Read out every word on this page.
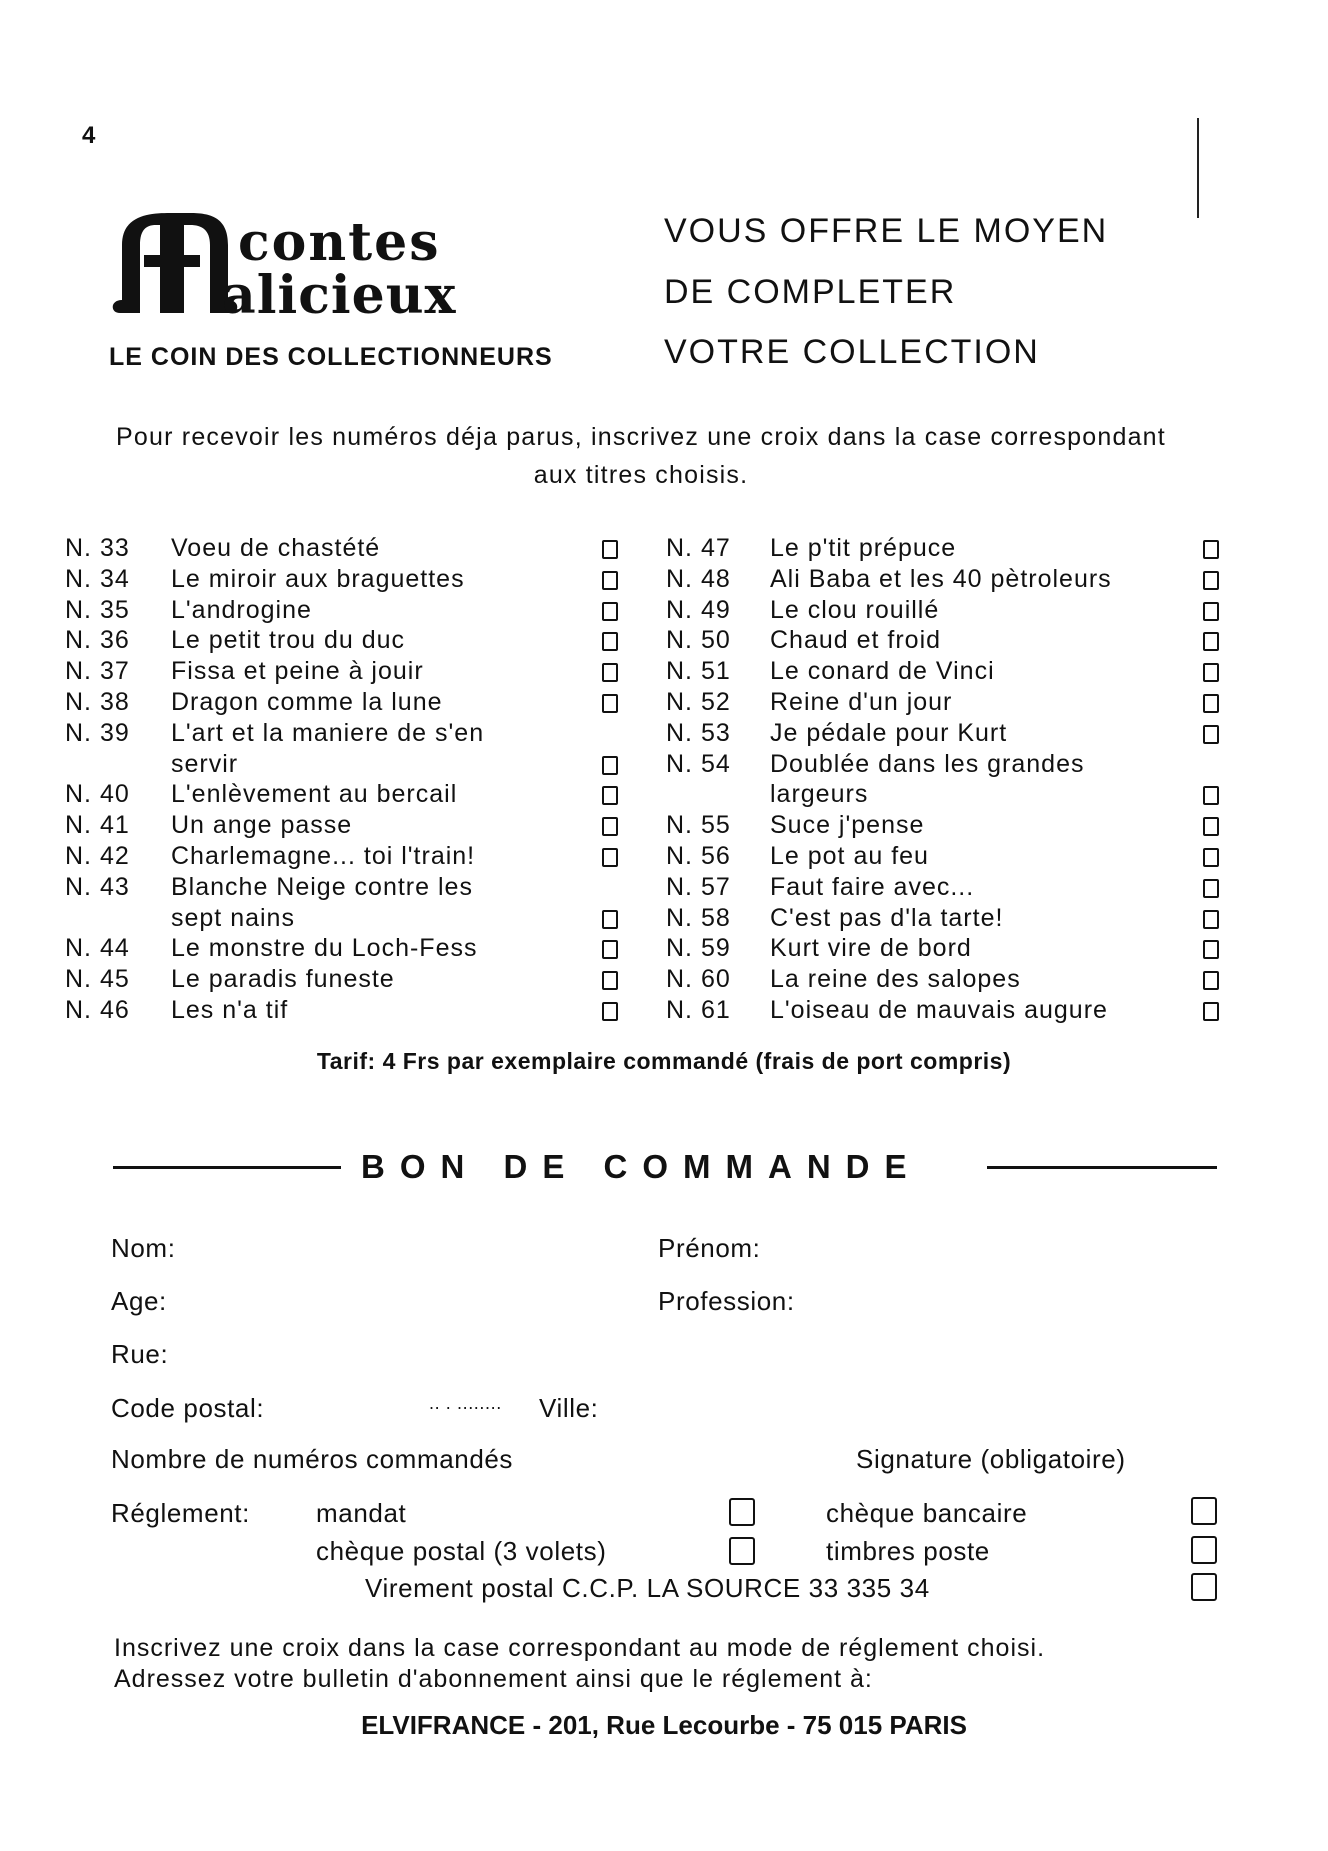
4
contes
alicieux
LE COIN DES COLLECTIONNEURS
VOUS OFFRE LE MOYEN
DE COMPLETER
VOTRE COLLECTION
Pour recevoir les numéros déja parus, inscrivez une croix dans la case correspondant aux titres choisis.
N. 33 Voeu de chastété
N. 34 Le miroir aux braguettes
N. 35 L'androgine
N. 36 Le petit trou du duc
N. 37 Fissa et peine à jouir
N. 38 Dragon comme la lune
N. 39 L'art et la maniere de s'en
servir
N. 40 L'enlèvement au bercail
N. 41 Un ange passe
N. 42 Charlemagne... toi l'train!
N. 43 Blanche Neige contre les
sept nains
N. 44 Le monstre du Loch-Fess
N. 45 Le paradis funeste
N. 46 Les n'a tif
N. 47 Le p'tit prépuce
N. 48 Ali Baba et les 40 pètroleurs
N. 49 Le clou rouillé
N. 50 Chaud et froid
N. 51 Le conard de Vinci
N. 52 Reine d'un jour
N. 53 Je pédale pour Kurt
N. 54 Doublée dans les grandes
largeurs
N. 55 Suce j'pense
N. 56 Le pot au feu
N. 57 Faut faire avec...
N. 58 C'est pas d'la tarte!
N. 59 Kurt vire de bord
N. 60 La reine des salopes
N. 61 L'oiseau de mauvais augure
Tarif: 4 Frs par exemplaire commandé (frais de port compris)
BON DE COMMANDE
Nom:	Prénom:
Age:	Profession:
Rue:
Code postal:	.. . ........ Ville:
Nombre de numéros commandés	Signature (obligatoire)
Réglement:	mandat	chèque bancaire
chèque postal (3 volets)	timbres poste
Virement postal C.C.P. LA SOURCE 33 335 34
Inscrivez une croix dans la case correspondant au mode de réglement choisi.
Adressez votre bulletin d'abonnement ainsi que le réglement à:
ELVIFRANCE - 201, Rue Lecourbe - 75 015 PARIS
